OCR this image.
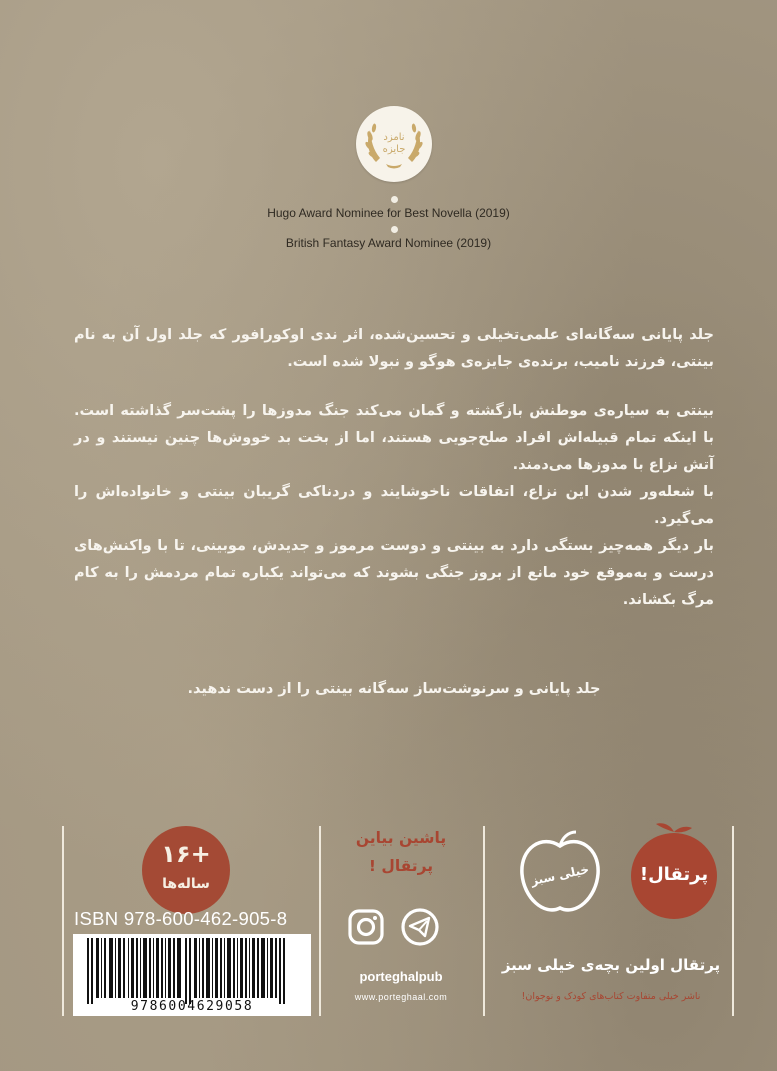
نامزد
جایزه
Hugo Award Nominee for Best Novella (2019)
British Fantasy Award Nominee (2019)

جلد پایانی سه‌گانه‌ای علمی‌تخیلی و تحسین‌شده، اثر ندی اوکورافور که جلد اول آن به نام بینتی، فرزند نامیب، برنده‌ی جایزه‌ی هوگو و نبولا شده است.

بینتی به سیاره‌ی موطنش بازگشته و گمان می‌کند جنگ مدوزها را پشت‌سر گذاشته است. با اینکه تمام قبیله‌اش افراد صلح‌جویی هستند، اما از بخت بد خووش‌ها چنین نیستند و در آتش نزاع با مدوزها می‌دمند.

با شعله‌ور شدن این نزاع، اتفاقات ناخوشایند و دردناکی گریبان بینتی و خانواده‌اش را می‌گیرد.

بار دیگر همه‌چیز بستگی دارد به بینتی و دوست مرموز و جدیدش، موبینی، تا با واکنش‌های درست و به‌موقع خود مانع از بروز جنگی بشوند که می‌تواند یکباره تمام مردمش را به کام مرگ بکشاند.

جلد پایانی و سرنوشت‌ساز سه‌گانه بینتی را از دست ندهید.

+۱۶
ساله‌ها
ISBN 978-600-462-905-8
9786004629058
پاشین بیاین
پرتقال !
porteghalpub
www.porteghaal.com
خیلی سبز	پرتقال!
پرتقال اولین بچه‌ی خیلی سبز
ناشر خیلی متفاوت کتاب‌های کودک و نوجوان!
